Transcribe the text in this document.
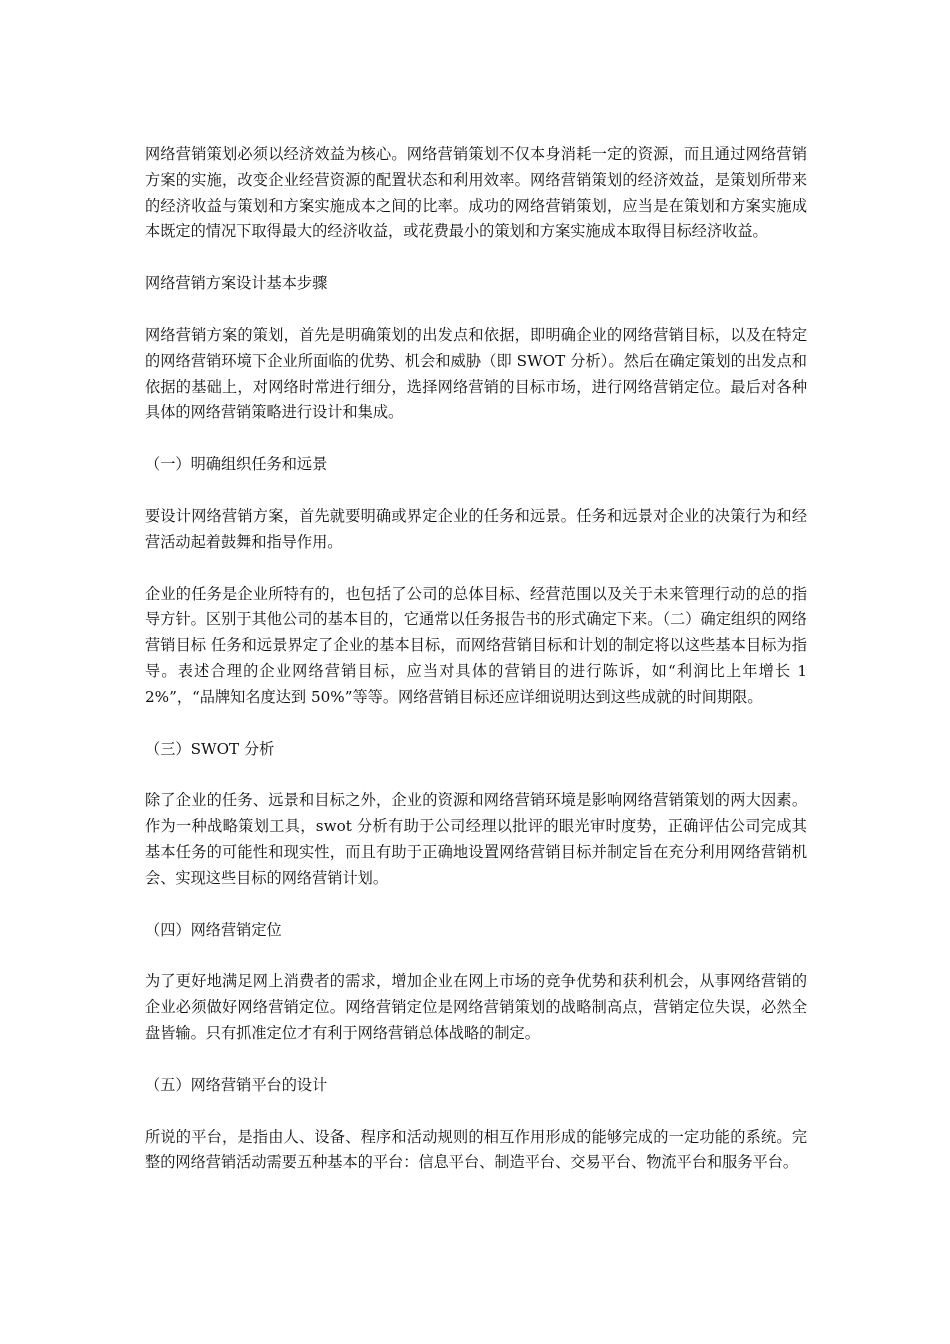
网络营销策划必须以经济效益为核心。网络营销策划不仅本身消耗一定的资源，而且通过网络营销方案的实施，改变企业经营资源的配置状态和利用效率。网络营销策划的经济效益，是策划所带来的经济收益与策划和方案实施成本之间的比率。成功的网络营销策划，应当是在策划和方案实施成本既定的情况下取得最大的经济收益，或花费最小的策划和方案实施成本取得目标经济收益。

网络营销方案设计基本步骤

网络营销方案的策划，首先是明确策划的出发点和依据，即明确企业的网络营销目标，以及在特定的网络营销环境下企业所面临的优势、机会和威胁（即 SWOT 分析）。然后在确定策划的出发点和依据的基础上，对网络时常进行细分，选择网络营销的目标市场，进行网络营销定位。最后对各种具体的网络营销策略进行设计和集成。

（一）明确组织任务和远景

要设计网络营销方案，首先就要明确或界定企业的任务和远景。任务和远景对企业的决策行为和经营活动起着鼓舞和指导作用。

企业的任务是企业所特有的，也包括了公司的总体目标、经营范围以及关于未来管理行动的总的指导方针。区别于其他公司的基本目的，它通常以任务报告书的形式确定下来。（二）确定组织的网络营销目标 任务和远景界定了企业的基本目标，而网络营销目标和计划的制定将以这些基本目标为指导。表述合理的企业网络营销目标，应当对具体的营销目的进行陈诉，如“利润比上年增长 12%”，“品牌知名度达到 50%”等等。网络营销目标还应详细说明达到这些成就的时间期限。

（三）SWOT 分析

除了企业的任务、远景和目标之外，企业的资源和网络营销环境是影响网络营销策划的两大因素。作为一种战略策划工具，swot 分析有助于公司经理以批评的眼光审时度势，正确评估公司完成其基本任务的可能性和现实性，而且有助于正确地设置网络营销目标并制定旨在充分利用网络营销机会、实现这些目标的网络营销计划。

（四）网络营销定位

为了更好地满足网上消费者的需求，增加企业在网上市场的竞争优势和获利机会，从事网络营销的企业必须做好网络营销定位。网络营销定位是网络营销策划的战略制高点，营销定位失误，必然全盘皆输。只有抓准定位才有利于网络营销总体战略的制定。

（五）网络营销平台的设计

所说的平台，是指由人、设备、程序和活动规则的相互作用形成的能够完成的一定功能的系统。完整的网络营销活动需要五种基本的平台：信息平台、制造平台、交易平台、物流平台和服务平台。
